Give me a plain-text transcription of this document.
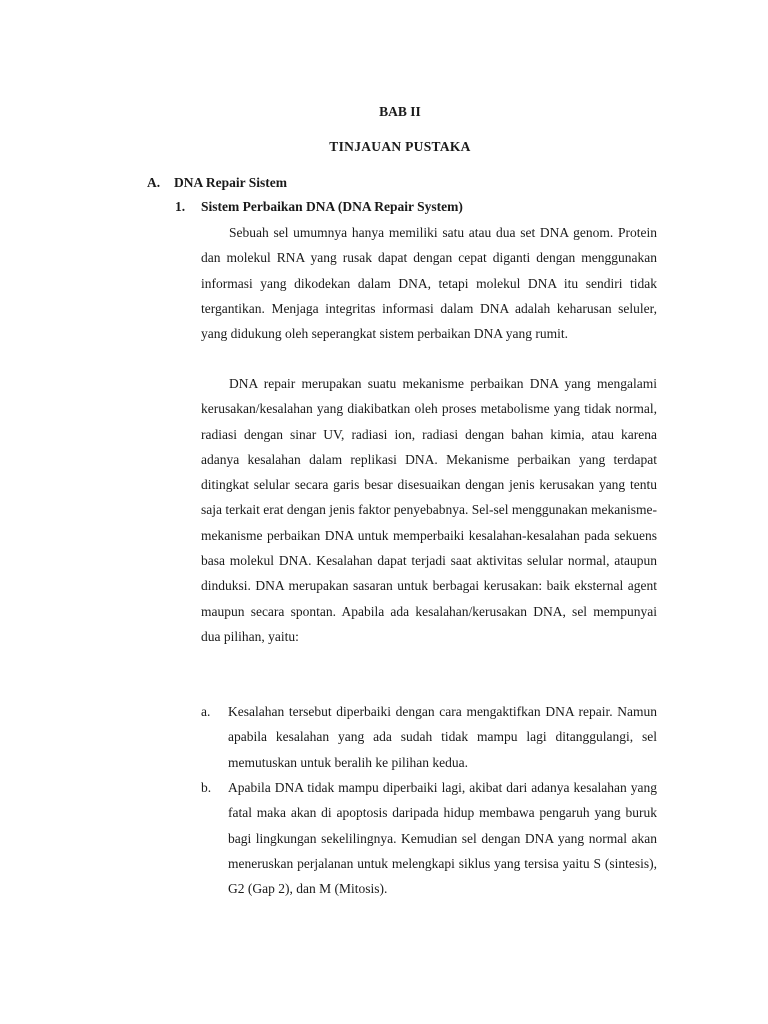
BAB II
TINJAUAN PUSTAKA
A. DNA Repair Sistem
1. Sistem Perbaikan DNA (DNA Repair System)

Sebuah sel umumnya hanya memiliki satu atau dua set DNA genom. Protein dan molekul RNA yang rusak dapat dengan cepat diganti dengan menggunakan informasi yang dikodekan dalam DNA, tetapi molekul DNA itu sendiri tidak tergantikan. Menjaga integritas informasi dalam DNA adalah keharusan seluler, yang didukung oleh seperangkat sistem perbaikan DNA yang rumit.

DNA repair merupakan suatu mekanisme perbaikan DNA yang mengalami kerusakan/kesalahan yang diakibatkan oleh proses metabolisme yang tidak normal, radiasi dengan sinar UV, radiasi ion, radiasi dengan bahan kimia, atau karena adanya kesalahan dalam replikasi DNA. Mekanisme perbaikan yang terdapat ditingkat selular secara garis besar disesuaikan dengan jenis kerusakan yang tentu saja terkait erat dengan jenis faktor penyebabnya. Sel-sel menggunakan mekanisme-mekanisme perbaikan DNA untuk memperbaiki kesalahan-kesalahan pada sekuens basa molekul DNA. Kesalahan dapat terjadi saat aktivitas selular normal, ataupun dinduksi. DNA merupakan sasaran untuk berbagai kerusakan: baik eksternal agent maupun secara spontan. Apabila ada kesalahan/kerusakan DNA, sel mempunyai dua pilihan, yaitu:

a. Kesalahan tersebut diperbaiki dengan cara mengaktifkan DNA repair. Namun apabila kesalahan yang ada sudah tidak mampu lagi ditanggulangi, sel memutuskan untuk beralih ke pilihan kedua.
b. Apabila DNA tidak mampu diperbaiki lagi, akibat dari adanya kesalahan yang fatal maka akan di apoptosis daripada hidup membawa pengaruh yang buruk bagi lingkungan sekelilingnya. Kemudian sel dengan DNA yang normal akan meneruskan perjalanan untuk melengkapi siklus yang tersisa yaitu S (sintesis), G2 (Gap 2), dan M (Mitosis).
